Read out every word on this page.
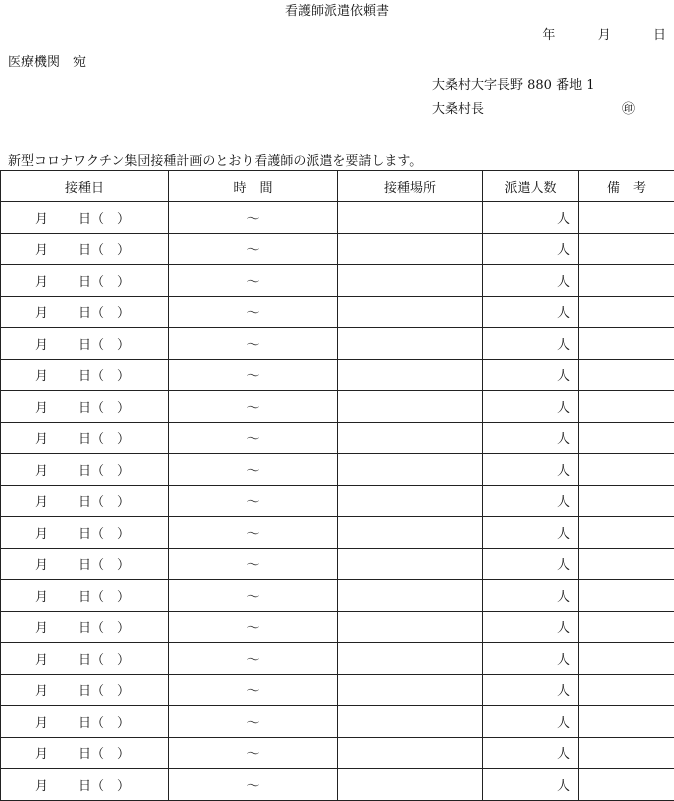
看護師派遣依頼書
年	月	日
医療機関　宛
大桑村大字長野 880 番地 1
大桑村長	㊞
新型コロナワクチン集団接種計画のとおり看護師の派遣を要請します。
接種日	時　間	接種場所	派遣人数	備　考
月 日（　）	〜		人	
月 日（　）	〜		人	
月 日（　）	〜		人	
月 日（　）	〜		人	
月 日（　）	〜		人	
月 日（　）	〜		人	
月 日（　）	〜		人	
月 日（　）	〜		人	
月 日（　）	〜		人	
月 日（　）	〜		人	
月 日（　）	〜		人	
月 日（　）	〜		人	
月 日（　）	〜		人	
月 日（　）	〜		人	
月 日（　）	〜		人	
月 日（　）	〜		人	
月 日（　）	〜		人	
月 日（　）	〜		人	
月 日（　）	〜		人	
